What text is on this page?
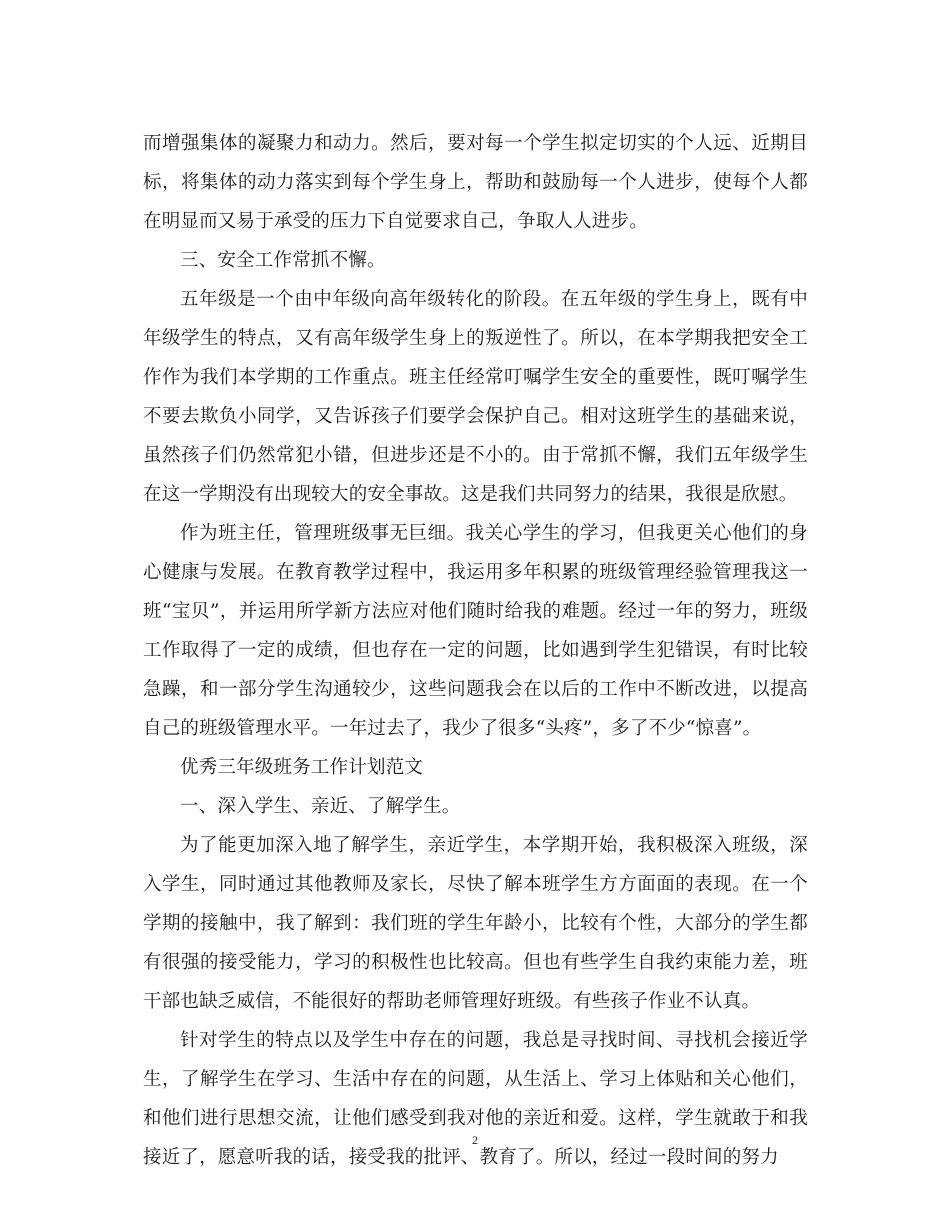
而增强集体的凝聚力和动力。然后，要对每一个学生拟定切实的个人远、近期目
标，将集体的动力落实到每个学生身上，帮助和鼓励每一个人进步，使每个人都
在明显而又易于承受的压力下自觉要求自己，争取人人进步。
三、安全工作常抓不懈。
五年级是一个由中年级向高年级转化的阶段。在五年级的学生身上，既有中
年级学生的特点，又有高年级学生身上的叛逆性了。所以，在本学期我把安全工
作作为我们本学期的工作重点。班主任经常叮嘱学生安全的重要性，既叮嘱学生
不要去欺负小同学，又告诉孩子们要学会保护自己。相对这班学生的基础来说，
虽然孩子们仍然常犯小错，但进步还是不小的。由于常抓不懈，我们五年级学生
在这一学期没有出现较大的安全事故。这是我们共同努力的结果，我很是欣慰。
作为班主任，管理班级事无巨细。我关心学生的学习，但我更关心他们的身
心健康与发展。在教育教学过程中，我运用多年积累的班级管理经验管理我这一
班“宝贝”，并运用所学新方法应对他们随时给我的难题。经过一年的努力，班级
工作取得了一定的成绩，但也存在一定的问题，比如遇到学生犯错误，有时比较
急躁，和一部分学生沟通较少，这些问题我会在以后的工作中不断改进，以提高
自己的班级管理水平。一年过去了，我少了很多“头疼”，多了不少“惊喜”。
优秀三年级班务工作计划范文
一、深入学生、亲近、了解学生。
为了能更加深入地了解学生，亲近学生，本学期开始，我积极深入班级，深
入学生，同时通过其他教师及家长，尽快了解本班学生方方面面的表现。在一个
学期的接触中，我了解到：我们班的学生年龄小，比较有个性，大部分的学生都
有很强的接受能力，学习的积极性也比较高。但也有些学生自我约束能力差，班
干部也缺乏威信，不能很好的帮助老师管理好班级。有些孩子作业不认真。
针对学生的特点以及学生中存在的问题，我总是寻找时间、寻找机会接近学
生，了解学生在学习、生活中存在的问题，从生活上、学习上体贴和关心他们，
和他们进行思想交流，让他们感受到我对他的亲近和爱。这样，学生就敢于和我
接近了，愿意听我的话，接受我的批评、教育了。所以，经过一段时间的努力
2
